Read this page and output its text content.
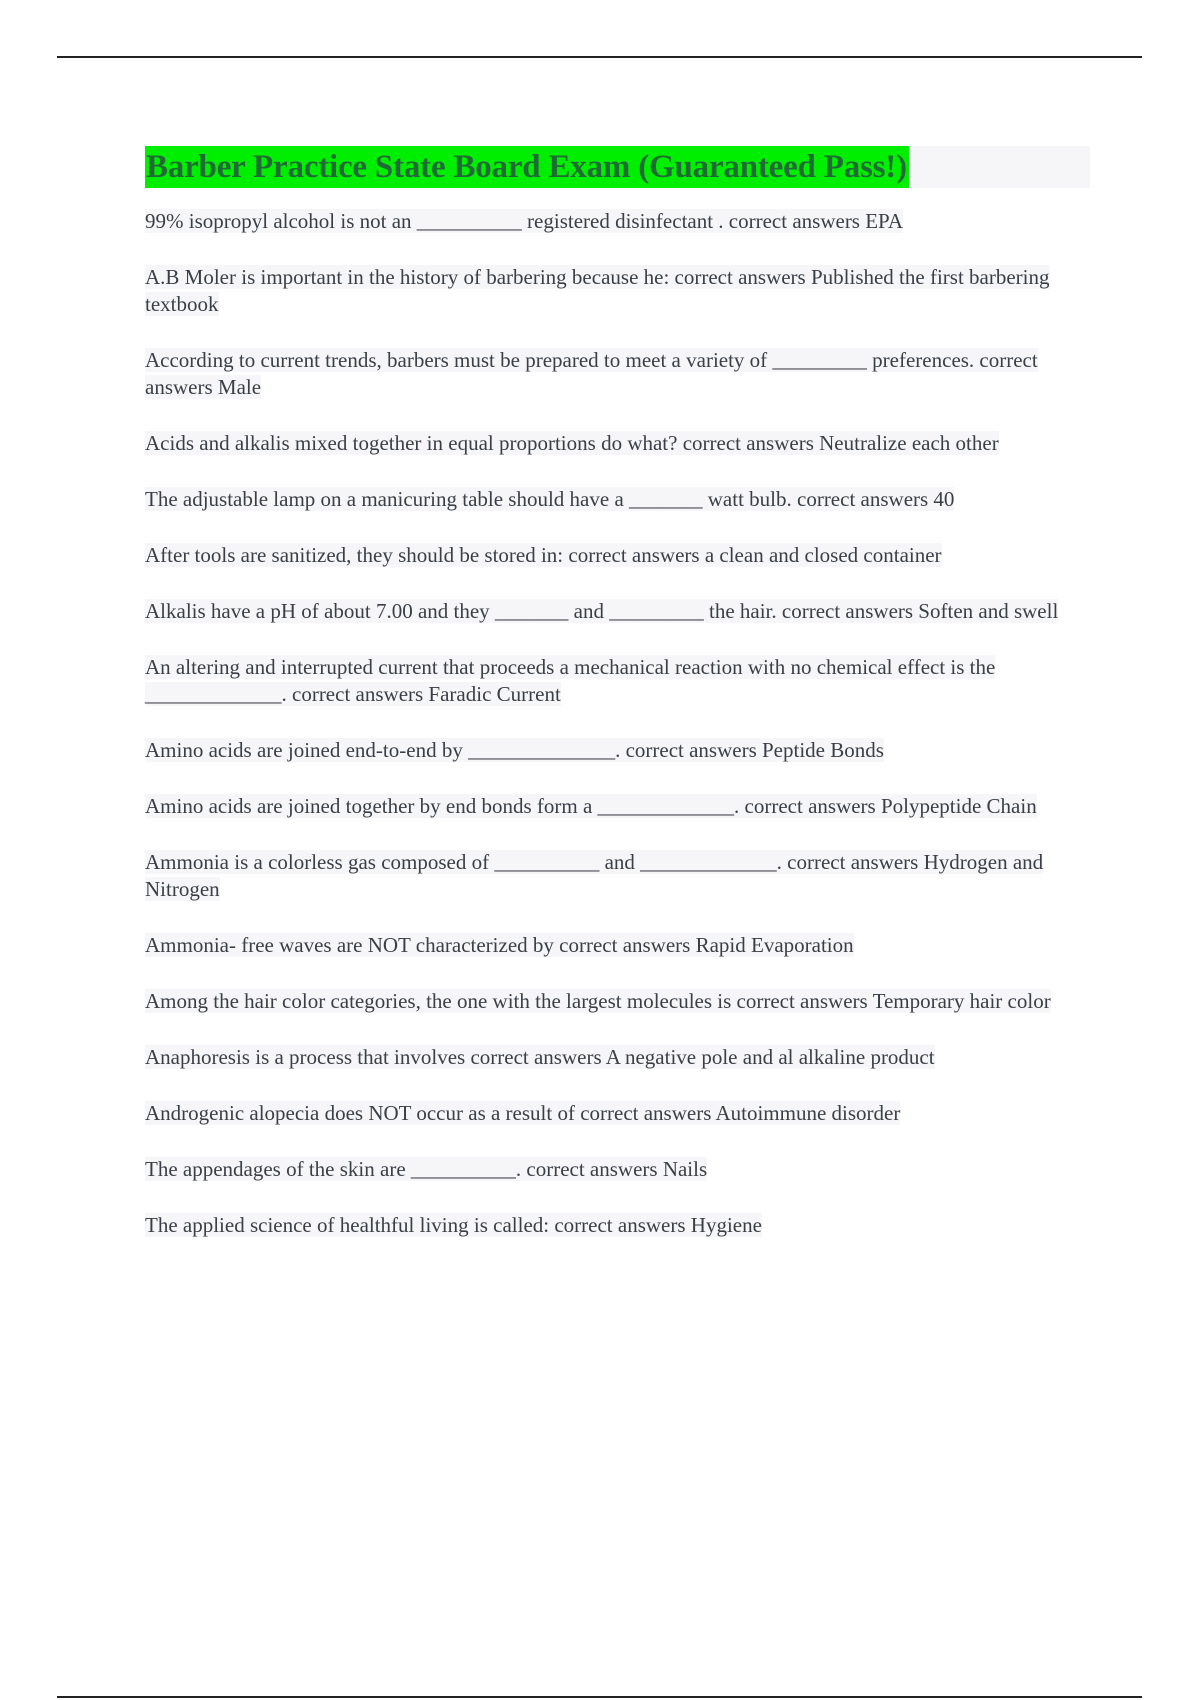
Barber Practice State Board Exam (Guaranteed Pass!)
99% isopropyl alcohol is not an __________ registered disinfectant . correct answers EPA
A.B Moler is important in the history of barbering because he: correct answers Published the first barbering textbook
According to current trends, barbers must be prepared to meet a variety of _________ preferences. correct answers Male
Acids and alkalis mixed together in equal proportions do what? correct answers Neutralize each other
The adjustable lamp on a manicuring table should have a _______ watt bulb. correct answers 40
After tools are sanitized, they should be stored in: correct answers a clean and closed container
Alkalis have a pH of about 7.00 and they _______ and _________ the hair. correct answers Soften and swell
An altering and interrupted current that proceeds a mechanical reaction with no chemical effect is the _____________. correct answers Faradic Current
Amino acids are joined end-to-end by ______________. correct answers Peptide Bonds
Amino acids are joined together by end bonds form a _____________. correct answers Polypeptide Chain
Ammonia is a colorless gas composed of __________ and _____________. correct answers Hydrogen and Nitrogen
Ammonia- free waves are NOT characterized by correct answers Rapid Evaporation
Among the hair color categories, the one with the largest molecules is correct answers Temporary hair color
Anaphoresis is a process that involves correct answers A negative pole and al alkaline product
Androgenic alopecia does NOT occur as a result of correct answers Autoimmune disorder
The appendages of the skin are __________. correct answers Nails
The applied science of healthful living is called: correct answers Hygiene
